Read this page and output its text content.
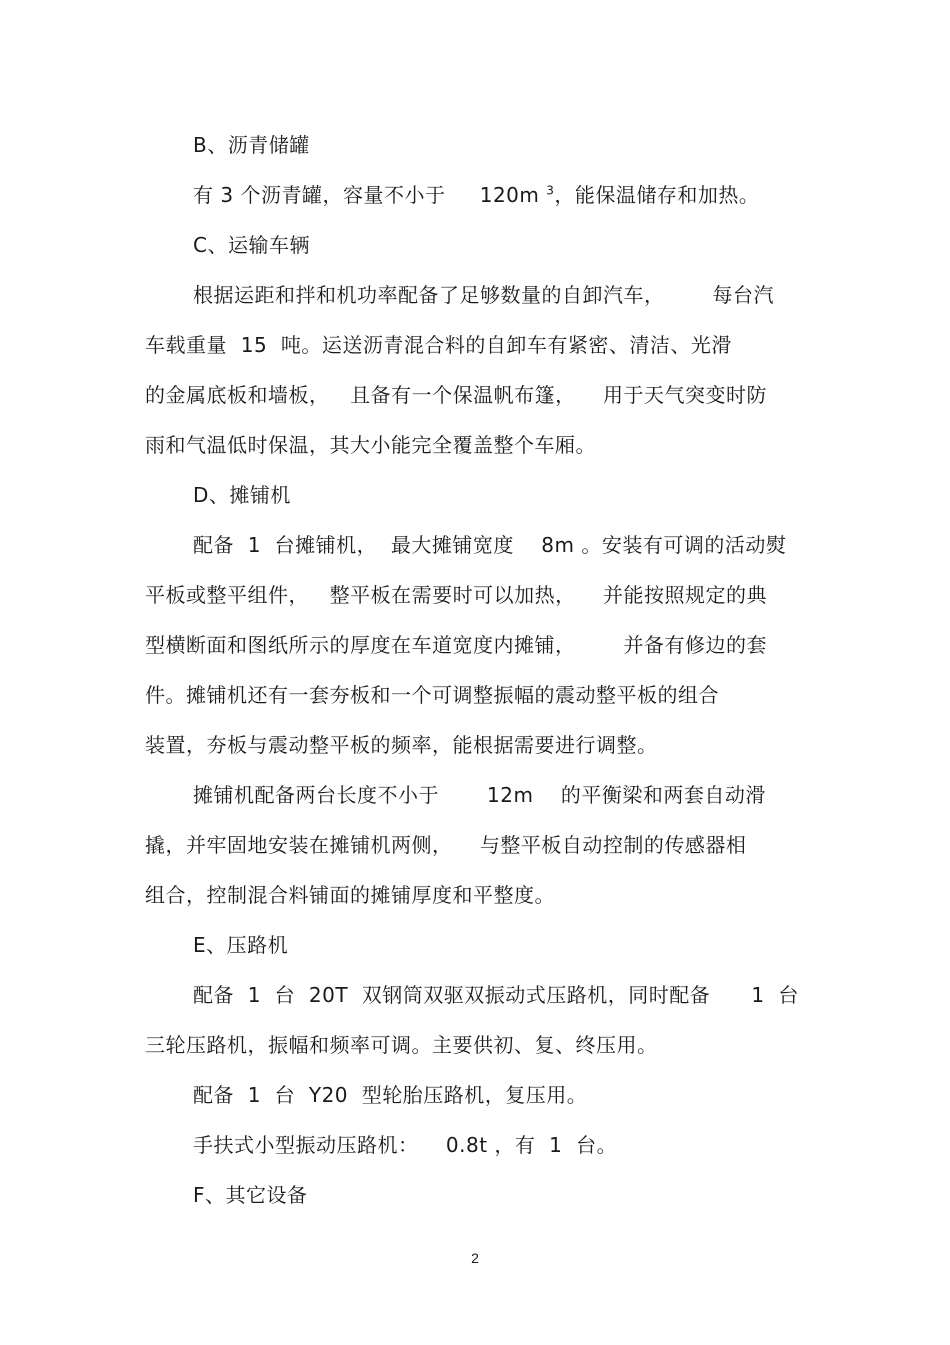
B、沥青储罐
有 3 个沥青罐，容量不小于     120m $^3$，能保温储存和加热。
C、运输车辆
根据运距和拌和机功率配备了足够数量的自卸汽车，       每台汽
车载重量  15  吨。运送沥青混合料的自卸车有紧密、清洁、光滑
的金属底板和墙板，   且备有一个保温帆布篷，    用于天气突变时防
雨和气温低时保温，其大小能完全覆盖整个车厢。
D、摊铺机
配备  1  台摊铺机，  最大摊铺宽度    8m 。安装有可调的活动熨
平板或整平组件，   整平板在需要时可以加热，    并能按照规定的典
型横断面和图纸所示的厚度在车道宽度内摊铺，       并备有修边的套
件。摊铺机还有一套夯板和一个可调整振幅的震动整平板的组合
装置，夯板与震动整平板的频率，能根据需要进行调整。
摊铺机配备两台长度不小于       12m    的平衡梁和两套自动滑
撬，并牢固地安装在摊铺机两侧，    与整平板自动控制的传感器相
组合，控制混合料铺面的摊铺厚度和平整度。
E、压路机
配备  1  台  20T  双钢筒双驱双振动式压路机，同时配备      1  台
三轮压路机，振幅和频率可调。主要供初、复、终压用。
配备  1  台  Y20  型轮胎压路机，复压用。
手扶式小型振动压路机：    0.8t ，有  1  台。
F、其它设备
2
